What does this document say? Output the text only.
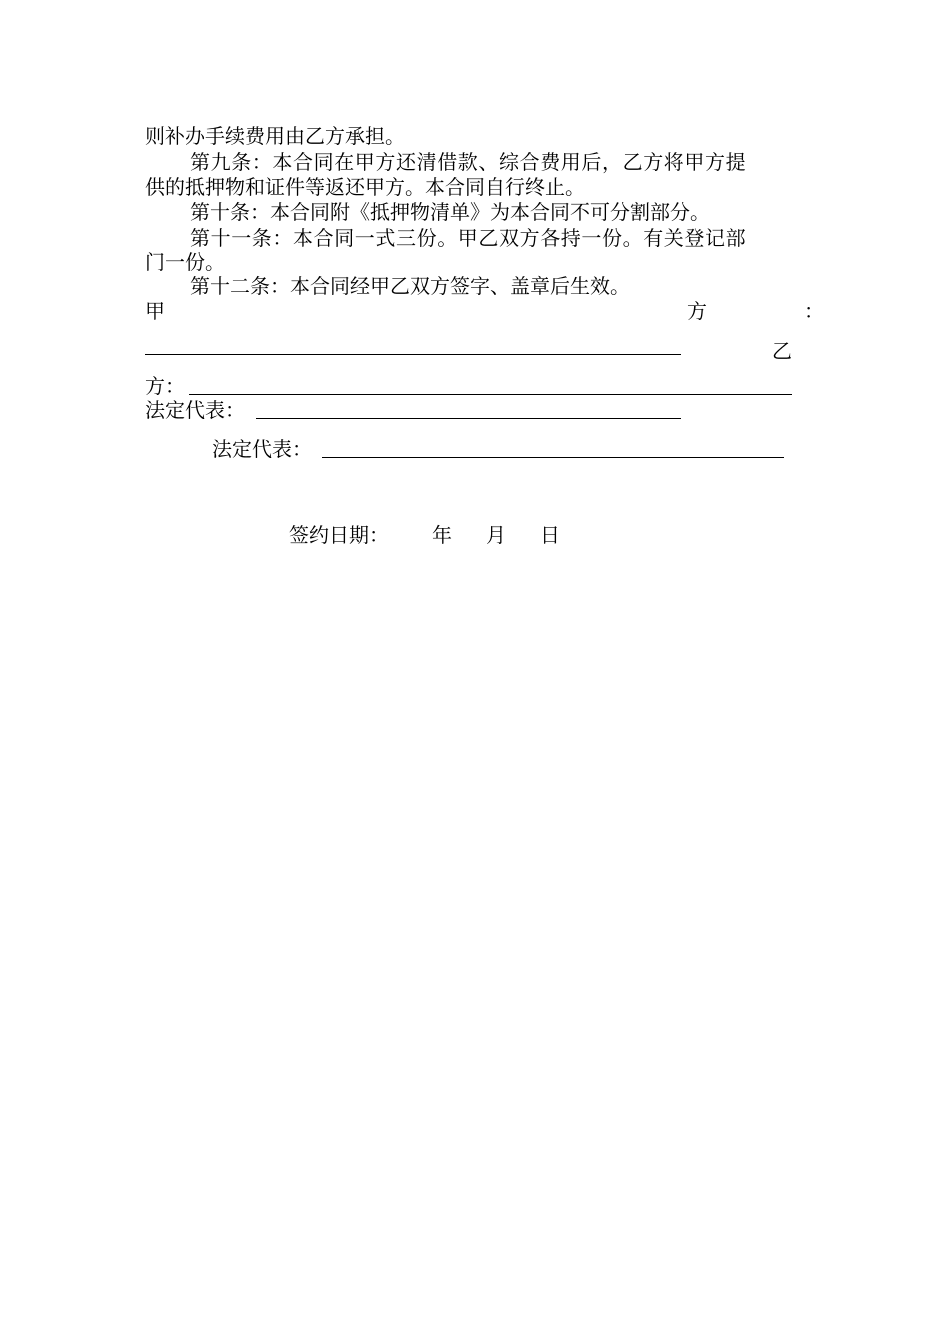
则补办手续费用由乙方承担。
第九条：本合同在甲方还清借款、综合费用后，乙方将甲方提
供的抵押物和证件等返还甲方。本合同自行终止。
第十条：本合同附《抵押物清单》为本合同不可分割部分。
第十一条：本合同一式三份。甲乙双方各持一份。有关登记部
门一份。
第十二条：本合同经甲乙双方签字、盖章后生效。
甲	方	：
乙
方：
法定代表：
法定代表：
签约日期： 年 月 日
